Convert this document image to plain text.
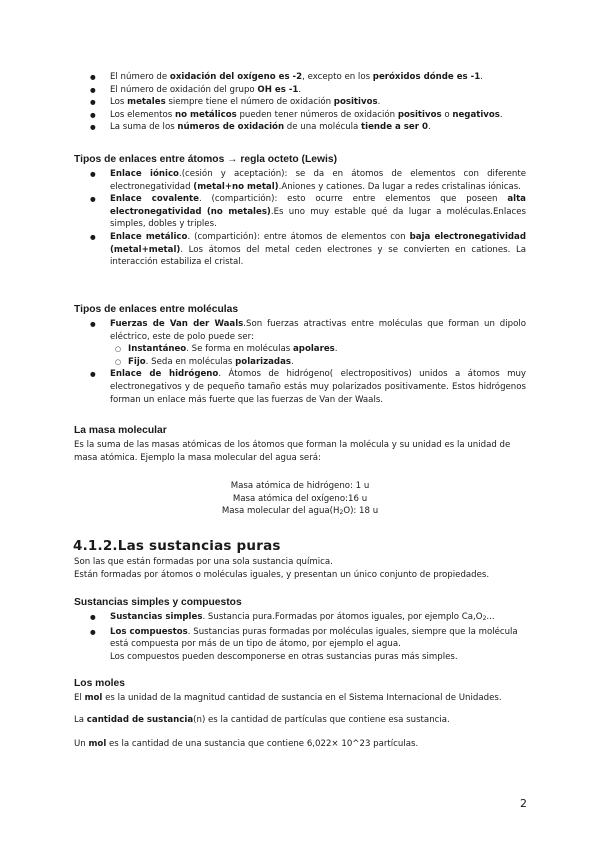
● El número de oxidación del oxígeno es -2, excepto en los peróxidos dónde es -1.
● El número de oxidación del grupo OH es -1.
● Los metales siempre tiene el número de oxidación positivos.
● Los elementos no metálicos pueden tener números de oxidación positivos o negativos.
● La suma de los números de oxidación de una molécula tiende a ser 0.
Tipos de enlaces entre átomos → regla octeto (Lewis)
● Enlace iónico.(cesión y aceptación): se da en átomos de elementos con diferente electronegatividad (metal+no metal).Aniones y cationes. Da lugar a redes cristalinas iónicas.
● Enlace covalente. (compartición): esto ocurre entre elementos que poseen alta electronegatividad (no metales).Es uno muy estable qué da lugar a moléculas.Enlaces simples, dobles y triples.
● Enlace metálico. (compartición): entre átomos de elementos con baja electronegatividad (metal+metal). Los átomos del metal ceden electrones y se convierten en cationes. La interacción estabiliza el cristal.
Tipos de enlaces entre moléculas
● Fuerzas de Van der Waals.Son fuerzas atractivas entre moléculas que forman un dipolo eléctrico, este de polo puede ser:
○ Instantáneo. Se forma en moléculas apolares.
○ Fijo. Seda en moléculas polarizadas.
● Enlace de hidrógeno. Átomos de hidrógeno( electropositivos) unidos a átomos muy electronegativos y de pequeño tamaño estás muy polarizados positivamente. Estos hidrógenos forman un enlace más fuerte que las fuerzas de Van der Waals.
La masa molecular

Es la suma de las masas atómicas de los átomos que forman la molécula y su unidad es la unidad de masa atómica. Ejemplo la masa molecular del agua será:

Masa atómica de hidrógeno: 1 u
Masa atómica del oxígeno:16 u
Masa molecular del $agua(H_2O)$: 18 u
4.1.2.Las sustancias puras
Son las que están formadas por una sola sustancia química.
Están formadas por átomos o moléculas iguales, y presentan un único conjunto de propiedades.
Sustancias simples y compuestos
● Sustancias simples. Sustancia pura.Formadas por átomos iguales, por ejemplo $Ca,O_2$...
● Los compuestos. Sustancias puras formadas por moléculas iguales, siempre que la molécula está compuesta por más de un tipo de átomo, por ejemplo el agua.
Los compuestos pueden descomponerse en otras sustancias puras más simples.
Los moles

El mol es la unidad de la magnitud cantidad de sustancia en el Sistema Internacional de Unidades.

La cantidad de sustancia(n) es la cantidad de partículas que contiene esa sustancia.

Un mol es la cantidad de una sustancia que contiene 6,022× 10^23 partículas.

2
